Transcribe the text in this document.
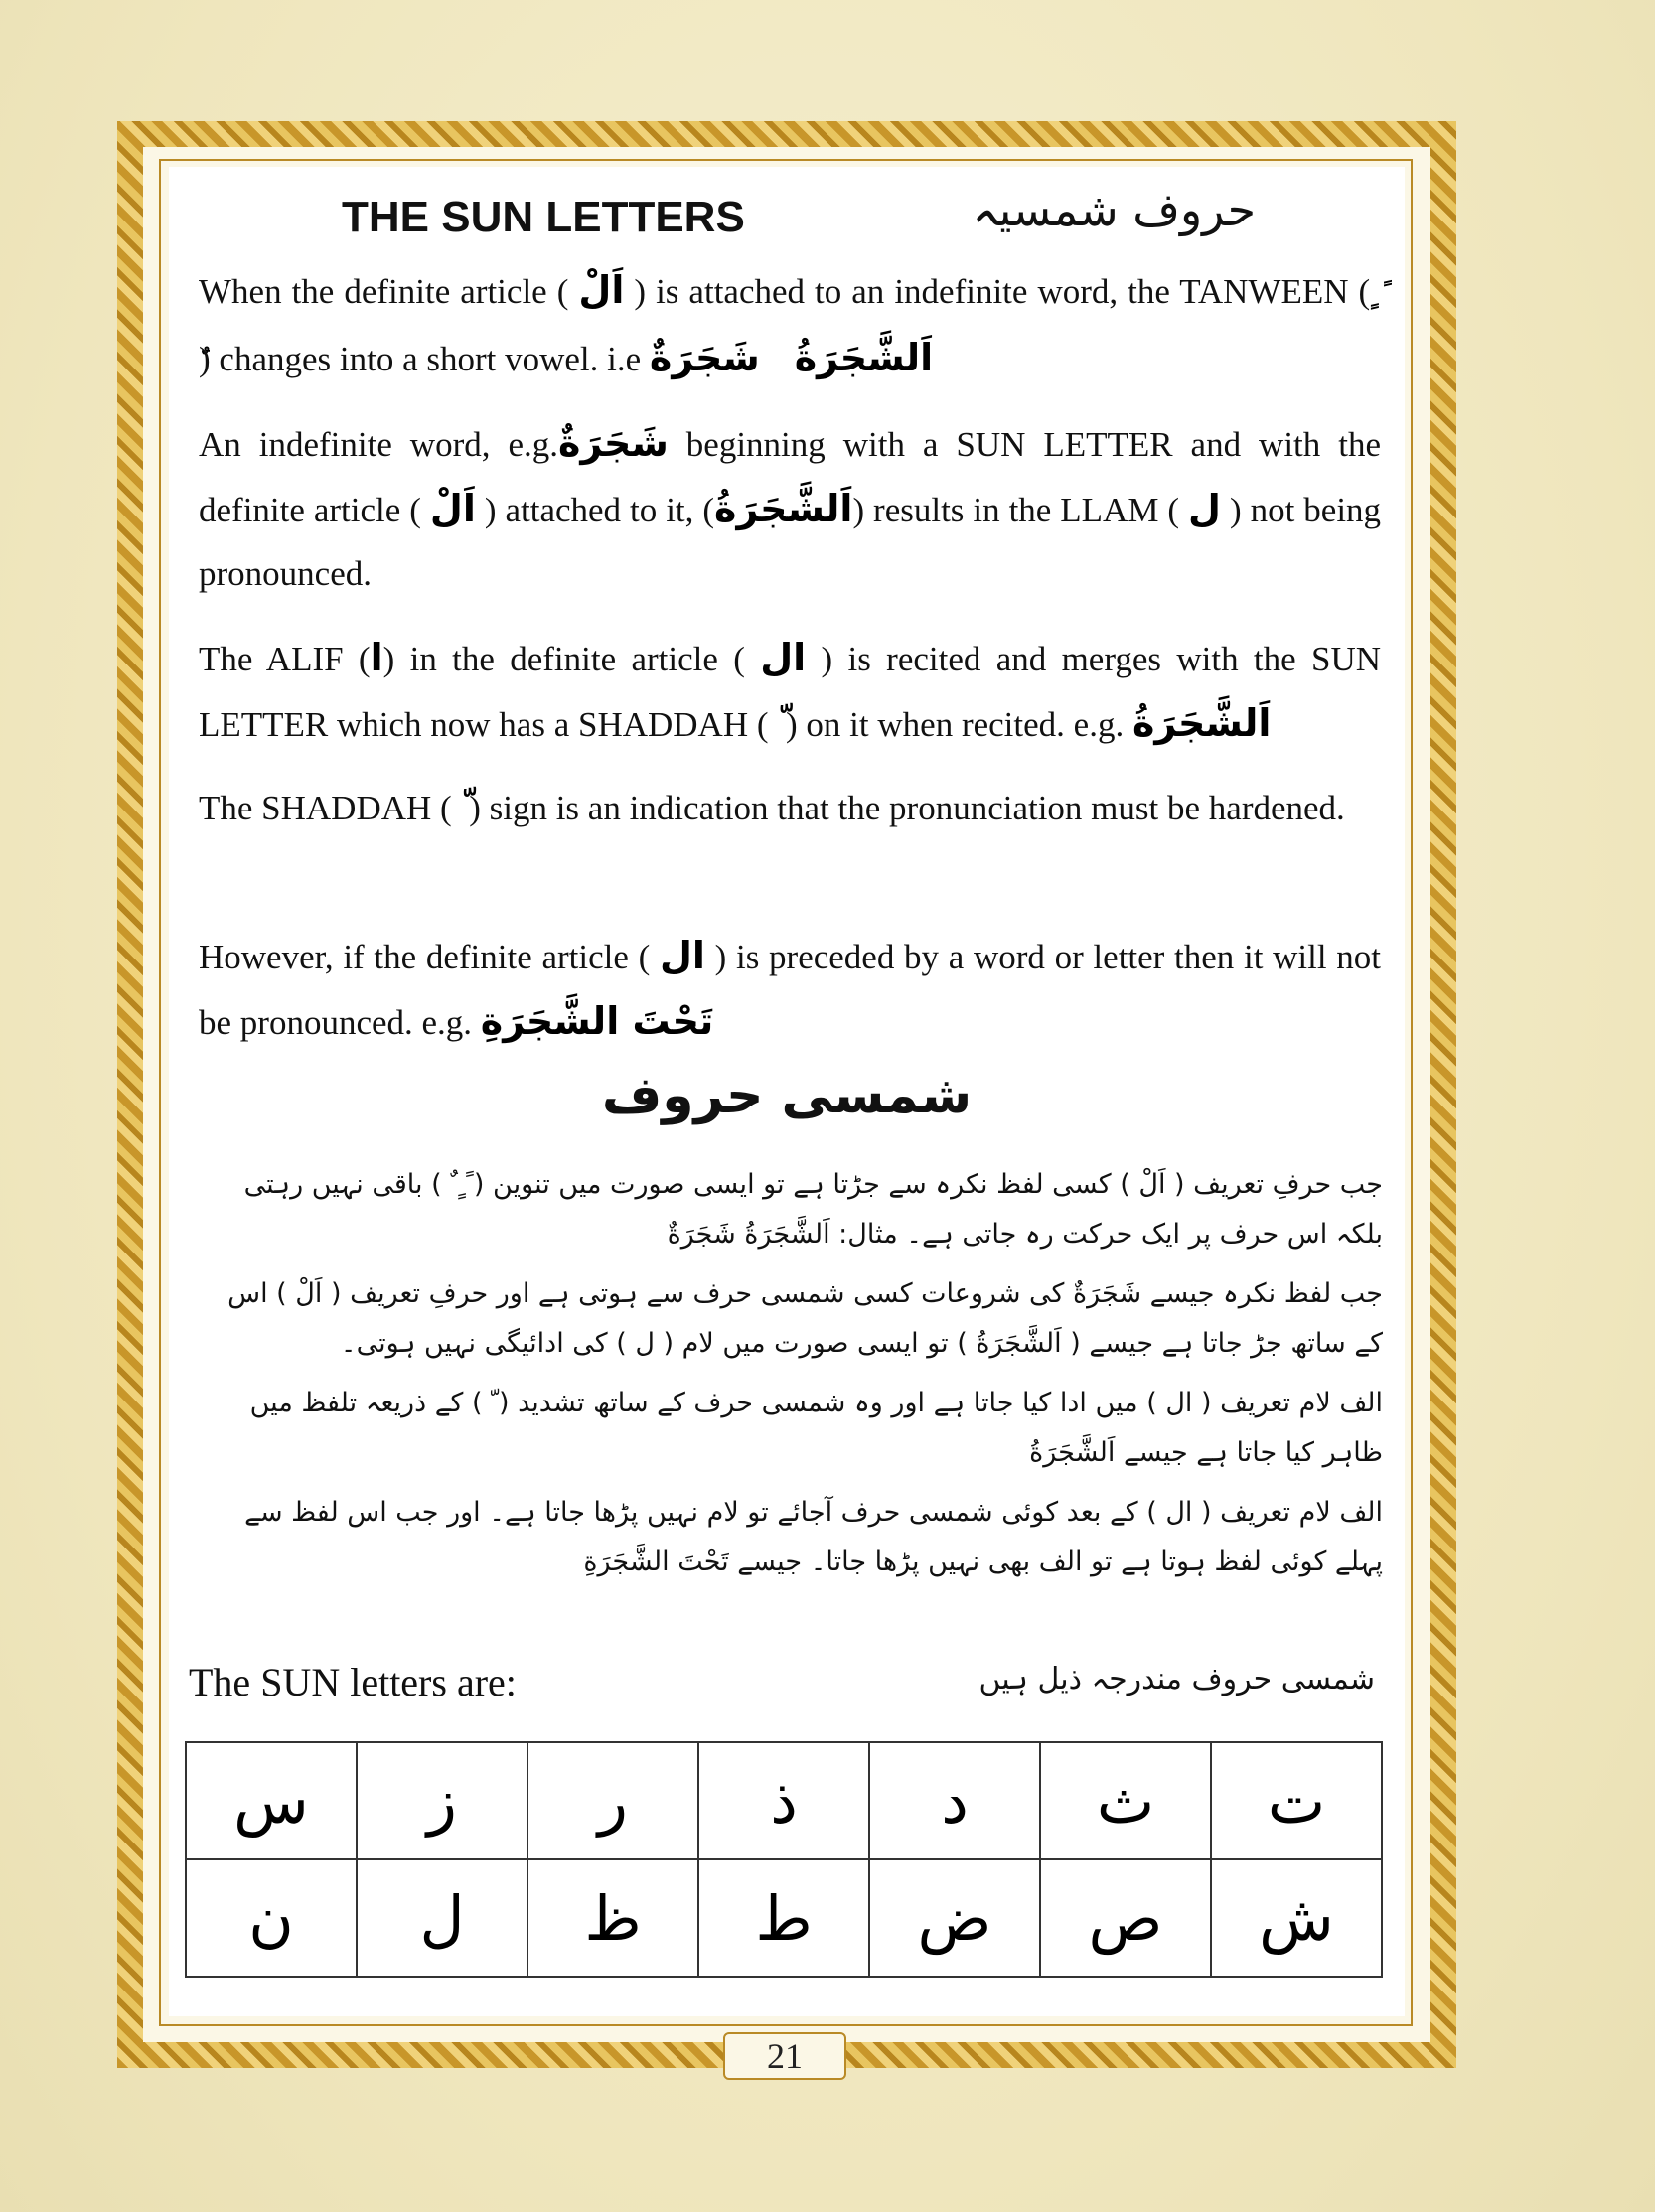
THE SUN LETTERS	حروف شمسیہ
When the definite article ( اَلْ ) is attached to an indefinite word, the TANWEEN ( ً ٍ ) changes into a short vowel. i.e شَجَرَةٌ اَلشَّجَرَةُ
An indefinite word, e.g.شَجَرَةٌ beginning with a SUN LETTER and with the definite article ( اَلْ ) attached to it, (اَلشَّجَرَةُ) results in the LLAM ( ل ) not being pronounced.
The ALIF (ا) in the definite article ( ال ) is recited and merges with the SUN LETTER which now has a SHADDAH ( ) on it when recited. e.g. اَلشَّجَرَةُ
The SHADDAH ( ) sign is an indication that the pronunciation must be hardened.
However, if the definite article ( ال ) is preceded by a word or letter then it will not be pronounced. e.g. تَحْتَ الشَّجَرَةِ
شمسی حروف
جب حرفِ تعریف ( اَلْ ) کسی لفظ نکرہ سے جڑتا ہے تو ایسی صورت میں تنوین ( ً ٍ ٌ ) باقی نہیں رہتی بلکہ اس حرف پر ایک حرکت رہ جاتی ہے۔ مثال: اَلشَّجَرَةُ شَجَرَةٌ
جب لفظ نکرہ جیسے شَجَرَةٌ کی شروعات کسی شمسی حرف سے ہوتی ہے اور حرفِ تعریف ( اَلْ ) اس کے ساتھ جڑ جاتا ہے جیسے ( اَلشَّجَرَةُ ) تو ایسی صورت میں لام ( ل ) کی ادائیگی نہیں ہوتی۔
الف لام تعریف ( ال ) میں ادا کیا جاتا ہے اور وہ شمسی حرف کے ساتھ تشدید ( ّ ) کے ذریعہ تلفظ میں ظاہر کیا جاتا ہے جیسے اَلشَّجَرَةُ
الف لام تعریف ( ال ) کے بعد کوئی شمسی حرف آجائے تو لام نہیں پڑھا جاتا ہے۔ اور جب اس لفظ سے پہلے کوئی لفظ ہوتا ہے تو الف بھی نہیں پڑھا جاتا۔ جیسے تَحْتَ الشَّجَرَةِ
The SUN letters are:	شمسی حروف مندرجہ ذیل ہیں
س	ز	ر	ذ	د	ث	ت
ن	ل	ظ	ط	ض	ص	ش
21
